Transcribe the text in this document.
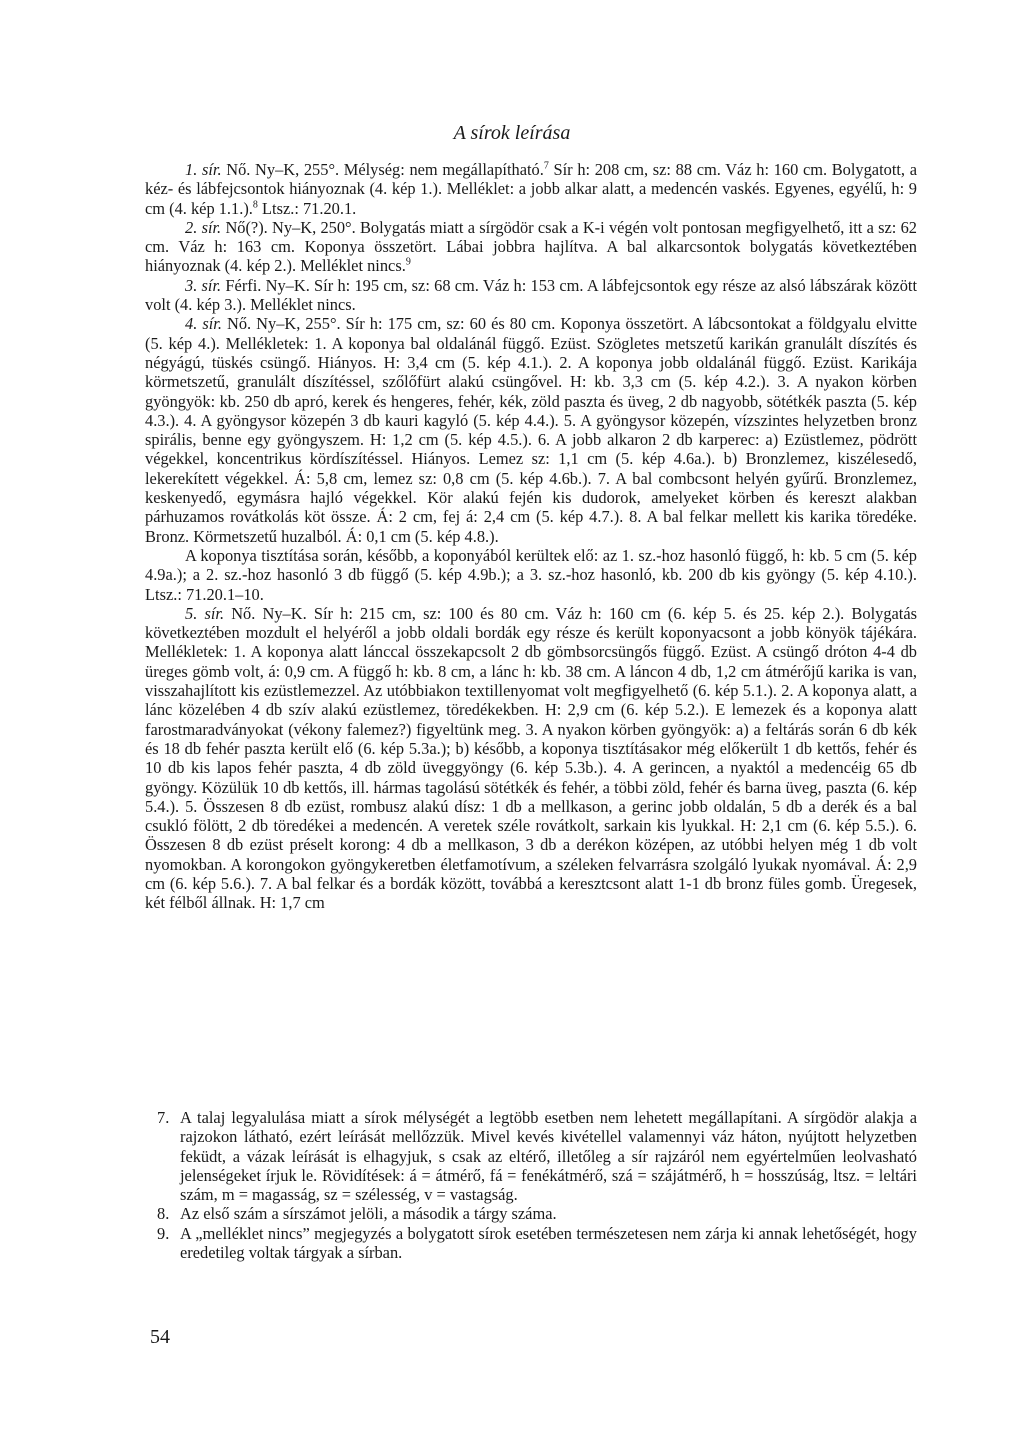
A sírok leírása

1. sír. Nő. Ny–K, 255°. Mélység: nem megállapítható.$^7$ Sír h: 208 cm, sz: 88 cm. Váz h: 160 cm. Bolygatott, a kéz- és lábfejcsontok hiányoznak (4. kép 1.). Melléklet: a jobb alkar alatt, a medencén vaskés. Egyenes, egyélű, h: 9 cm (4. kép 1.1.).$^8$ Ltsz.: 71.20.1.

2. sír. Nő(?). Ny–K, 250°. Bolygatás miatt a sírgödör csak a K-i végén volt pontosan megfigyelhető, itt a sz: 62 cm. Váz h: 163 cm. Koponya összetört. Lábai jobbra hajlítva. A bal alkarcsontok bolygatás következtében hiányoznak (4. kép 2.). Melléklet nincs.$^9$

3. sír. Férfi. Ny–K. Sír h: 195 cm, sz: 68 cm. Váz h: 153 cm. A lábfejcsontok egy része az alsó lábszárak között volt (4. kép 3.). Melléklet nincs.

4. sír. Nő. Ny–K, 255°. Sír h: 175 cm, sz: 60 és 80 cm. Koponya összetört. A lábcsontokat a földgyalu elvitte (5. kép 4.). Mellékletek: 1. A koponya bal oldalánál függő. Ezüst. Szögletes metszetű karikán granulált díszítés és négyágú, tüskés csüngő. Hiányos. H: 3,4 cm (5. kép 4.1.). 2. A koponya jobb oldalánál függő. Ezüst. Karikája körmetszetű, granulált díszítéssel, szőlőfürt alakú csüngővel. H: kb. 3,3 cm (5. kép 4.2.). 3. A nyakon körben gyöngyök: kb. 250 db apró, kerek és hengeres, fehér, kék, zöld paszta és üveg, 2 db nagyobb, sötétkék paszta (5. kép 4.3.). 4. A gyöngysor közepén 3 db kauri kagyló (5. kép 4.4.). 5. A gyöngysor közepén, vízszintes helyzetben bronz spirális, benne egy gyöngyszem. H: 1,2 cm (5. kép 4.5.). 6. A jobb alkaron 2 db karperec: a) Ezüstlemez, pödrött végekkel, koncentrikus kördíszítéssel. Hiányos. Lemez sz: 1,1 cm (5. kép 4.6a.). b) Bronzlemez, kiszélesedő, lekerekített végekkel. Á: 5,8 cm, lemez sz: 0,8 cm (5. kép 4.6b.). 7. A bal combcsont helyén gyűrű. Bronzlemez, keskenyedő, egymásra hajló végekkel. Kör alakú fején kis dudorok, amelyeket körben és kereszt alakban párhuzamos rovátkolás köt össze. Á: 2 cm, fej á: 2,4 cm (5. kép 4.7.). 8. A bal felkar mellett kis karika töredéke. Bronz. Körmetszetű huzalból. Á: 0,1 cm (5. kép 4.8.).

A koponya tisztítása során, később, a koponyából kerültek elő: az 1. sz.-hoz hasonló függő, h: kb. 5 cm (5. kép 4.9a.); a 2. sz.-hoz hasonló 3 db függő (5. kép 4.9b.); a 3. sz.-hoz hasonló, kb. 200 db kis gyöngy (5. kép 4.10.). Ltsz.: 71.20.1–10.

5. sír. Nő. Ny–K. Sír h: 215 cm, sz: 100 és 80 cm. Váz h: 160 cm (6. kép 5. és 25. kép 2.). Bolygatás következtében mozdult el helyéről a jobb oldali bordák egy része és került koponyacsont a jobb könyök tájékára. Mellékletek: 1. A koponya alatt lánccal összekapcsolt 2 db gömbsorcsüngős függő. Ezüst. A csüngő dróton 4-4 db üreges gömb volt, á: 0,9 cm. A függő h: kb. 8 cm, a lánc h: kb. 38 cm. A láncon 4 db, 1,2 cm átmérőjű karika is van, visszahajlított kis ezüstlemezzel. Az utóbbiakon textillenyomat volt megfigyelhető (6. kép 5.1.). 2. A koponya alatt, a lánc közelében 4 db szív alakú ezüstlemez, töredékekben. H: 2,9 cm (6. kép 5.2.). E lemezek és a koponya alatt farostmaradványokat (vékony falemez?) figyeltünk meg. 3. A nyakon körben gyöngyök: a) a feltárás során 6 db kék és 18 db fehér paszta került elő (6. kép 5.3a.); b) később, a koponya tisztításakor még előkerült 1 db kettős, fehér és 10 db kis lapos fehér paszta, 4 db zöld üveggyöngy (6. kép 5.3b.). 4. A gerincen, a nyaktól a medencéig 65 db gyöngy. Közülük 10 db kettős, ill. hármas tagolású sötétkék és fehér, a többi zöld, fehér és barna üveg, paszta (6. kép 5.4.). 5. Összesen 8 db ezüst, rombusz alakú dísz: 1 db a mellkason, a gerinc jobb oldalán, 5 db a derék és a bal csukló fölött, 2 db töredékei a medencén. A veretek széle rovátkolt, sarkain kis lyukkal. H: 2,1 cm (6. kép 5.5.). 6. Összesen 8 db ezüst préselt korong: 4 db a mellkason, 3 db a derékon középen, az utóbbi helyen még 1 db volt nyomokban. A korongokon gyöngykeretben életfamotívum, a széleken felvarrásra szolgáló lyukak nyomával. Á: 2,9 cm (6. kép 5.6.). 7. A bal felkar és a bordák között, továbbá a keresztcsont alatt 1-1 db bronz füles gomb. Üregesek, két félből állnak. H: 1,7 cm

7. A talaj legyalulása miatt a sírok mélységét a legtöbb esetben nem lehetett megállapítani. A sírgödör alakja a rajzokon látható, ezért leírását mellőzzük. Mivel kevés kivétellel valamennyi váz háton, nyújtott helyzetben feküdt, a vázak leírását is elhagyjuk, s csak az eltérő, illetőleg a sír rajzáról nem egyértelműen leolvasható jelenségeket írjuk le. Rövidítések: á = átmérő, fá = fenékátmérő, szá = szájátmérő, h = hosszúság, ltsz. = leltári szám, m = magasság, sz = szélesség, v = vastagság.

8. Az első szám a sírszámot jelöli, a második a tárgy száma.

9. A „melléklet nincs” megjegyzés a bolygatott sírok esetében természetesen nem zárja ki annak lehetőségét, hogy eredetileg voltak tárgyak a sírban.

54
